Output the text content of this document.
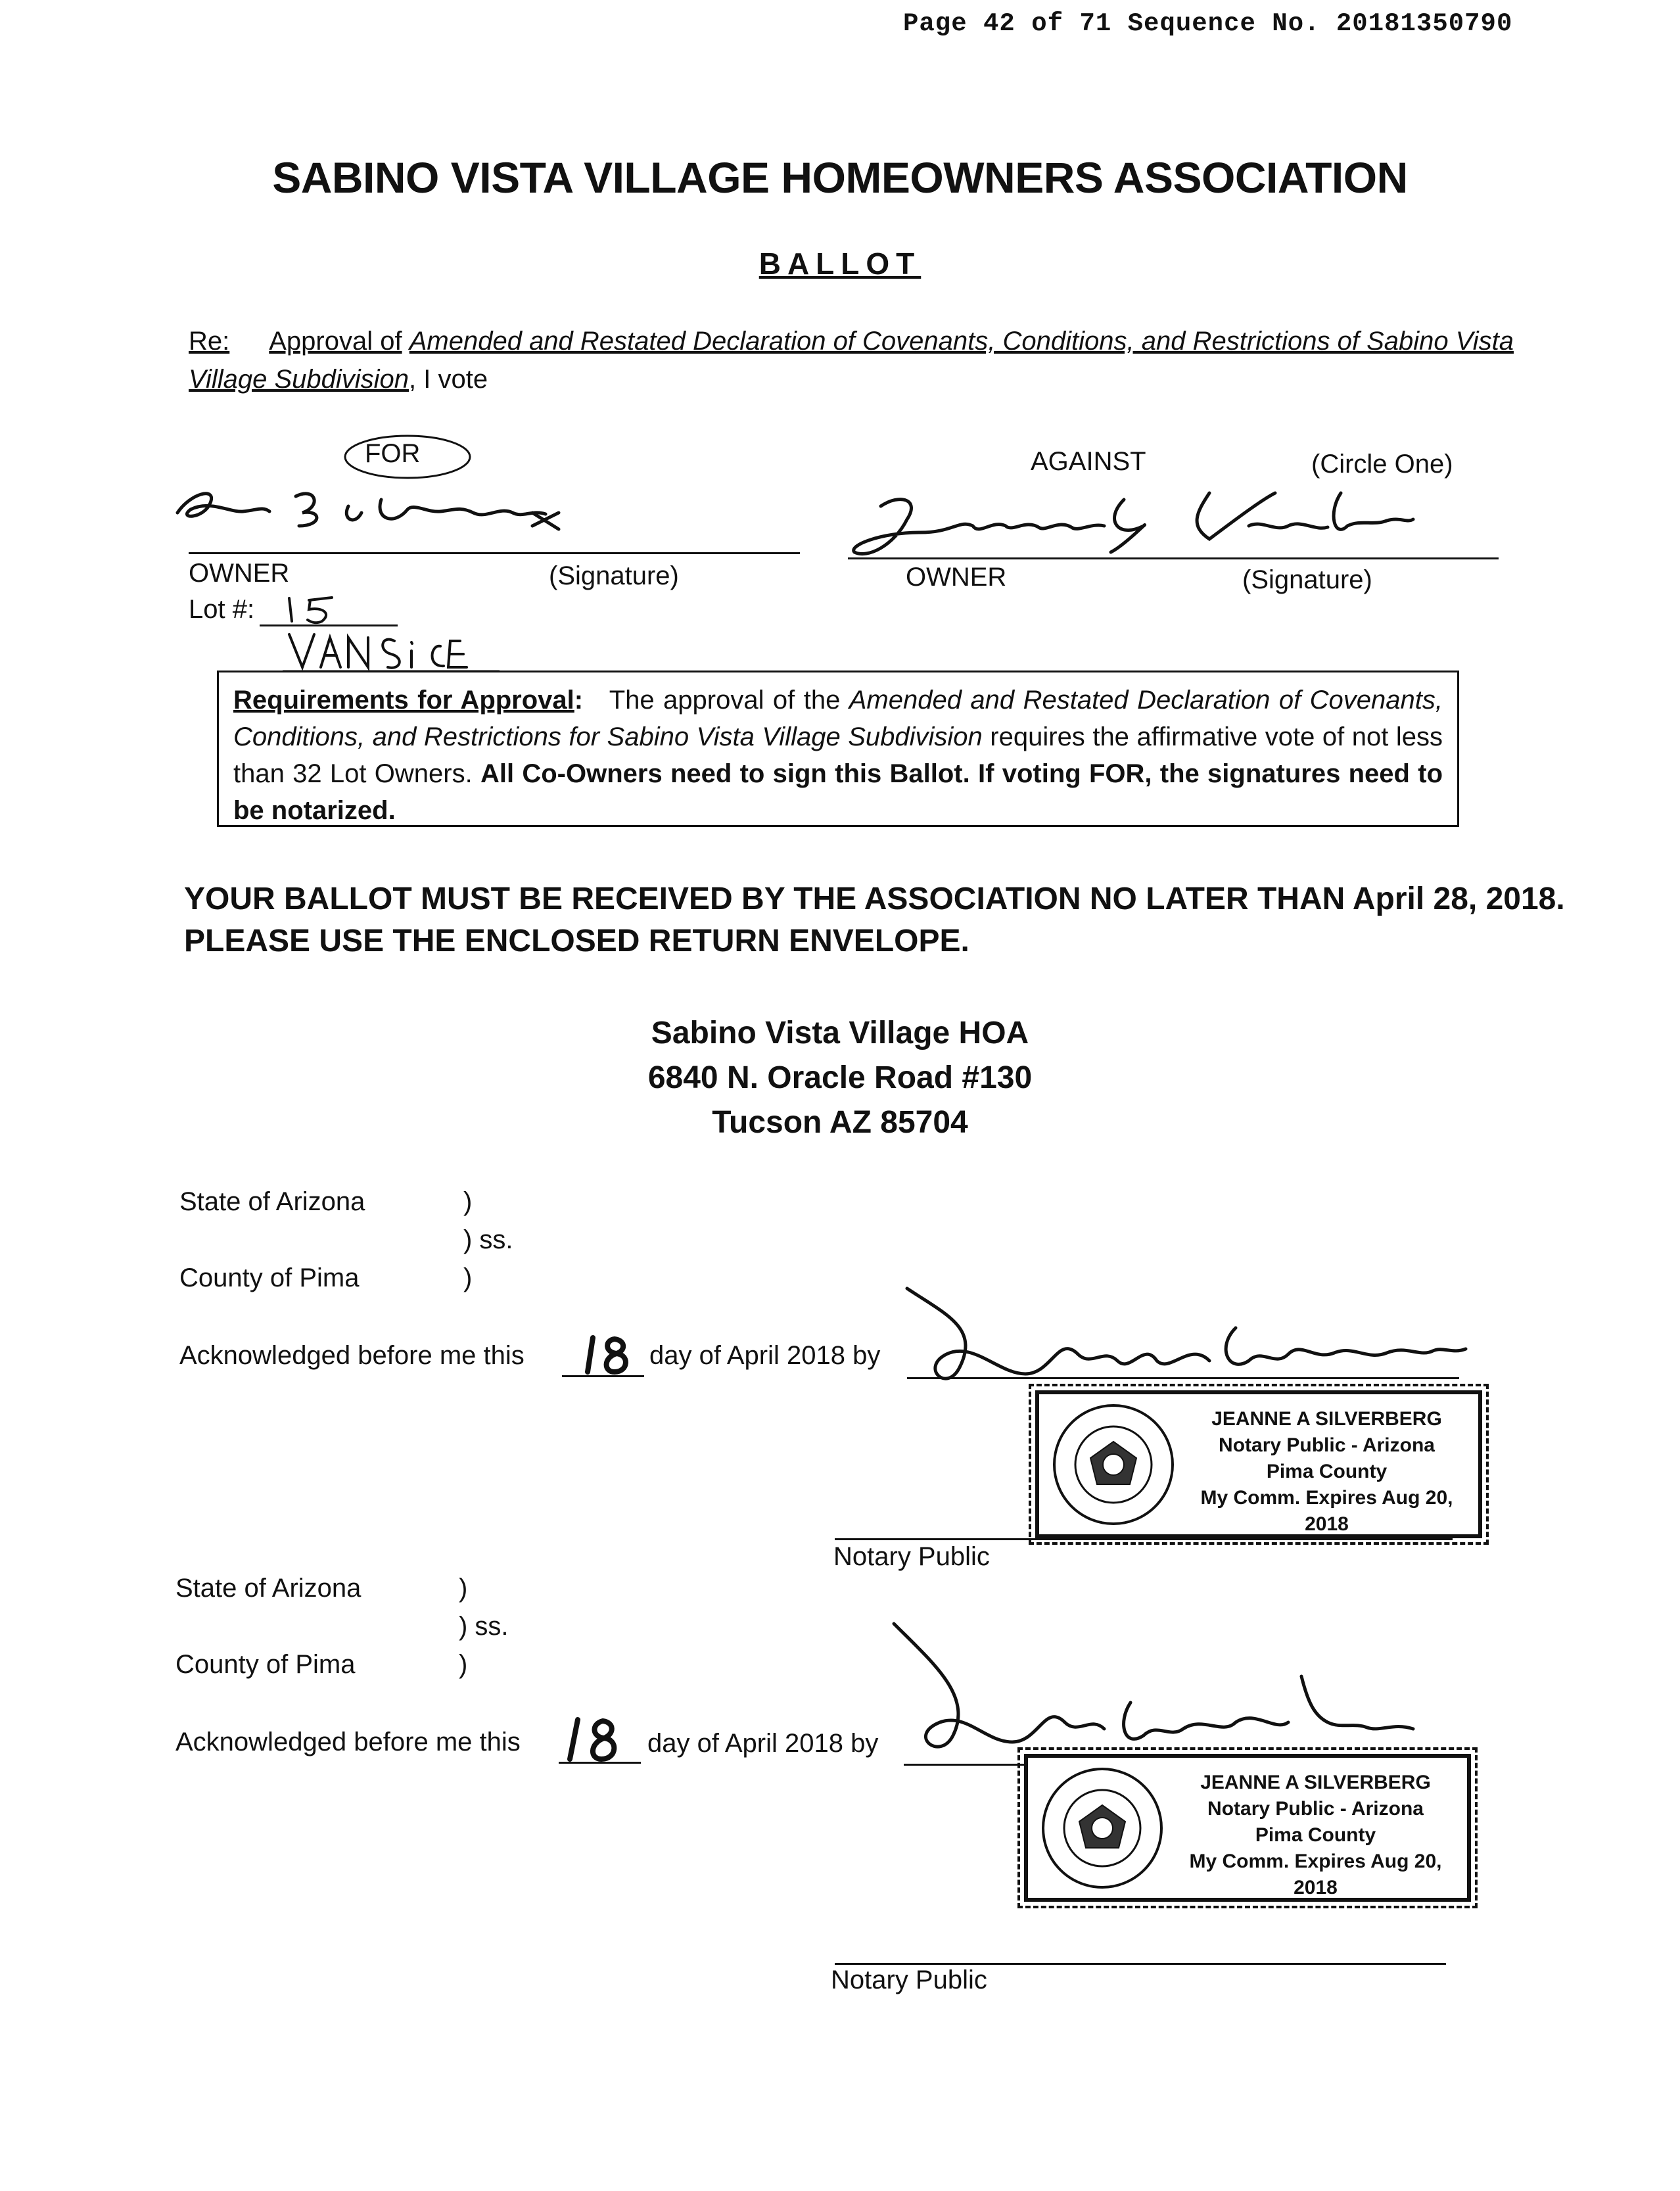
Page 42 of 71 Sequence No. 20181350790
SABINO VISTA VILLAGE HOMEOWNERS ASSOCIATION
BALLOT
Re: Approval of Amended and Restated Declaration of Covenants, Conditions, and Restrictions of Sabino Vista Village Subdivision, I vote
FOR	AGAINST	(Circle One)
OWNER	(Signature)	OWNER	(Signature)
Lot #:
Requirements for Approval: The approval of the Amended and Restated Declaration of Covenants, Conditions, and Restrictions for Sabino Vista Village Subdivision requires the affirmative vote of not less than 32 Lot Owners. All Co-Owners need to sign this Ballot. If voting FOR, the signatures need to be notarized.
YOUR BALLOT MUST BE RECEIVED BY THE ASSOCIATION NO LATER THAN April 28, 2018.
PLEASE USE THE ENCLOSED RETURN ENVELOPE.
Sabino Vista Village HOA
6840 N. Oracle Road #130
Tucson AZ 85704
State of Arizona	)
) ss.
County of Pima	)
Acknowledged before me this	day of April 2018 by
Notary Public
JEANNE A SILVERBERG
Notary Public - Arizona
Pima County
My Comm. Expires Aug 20, 2018
State of Arizona	)
) ss.
County of Pima	)
Acknowledged before me this	day of April 2018 by
Notary Public
JEANNE A SILVERBERG
Notary Public - Arizona
Pima County
My Comm. Expires Aug 20, 2018
